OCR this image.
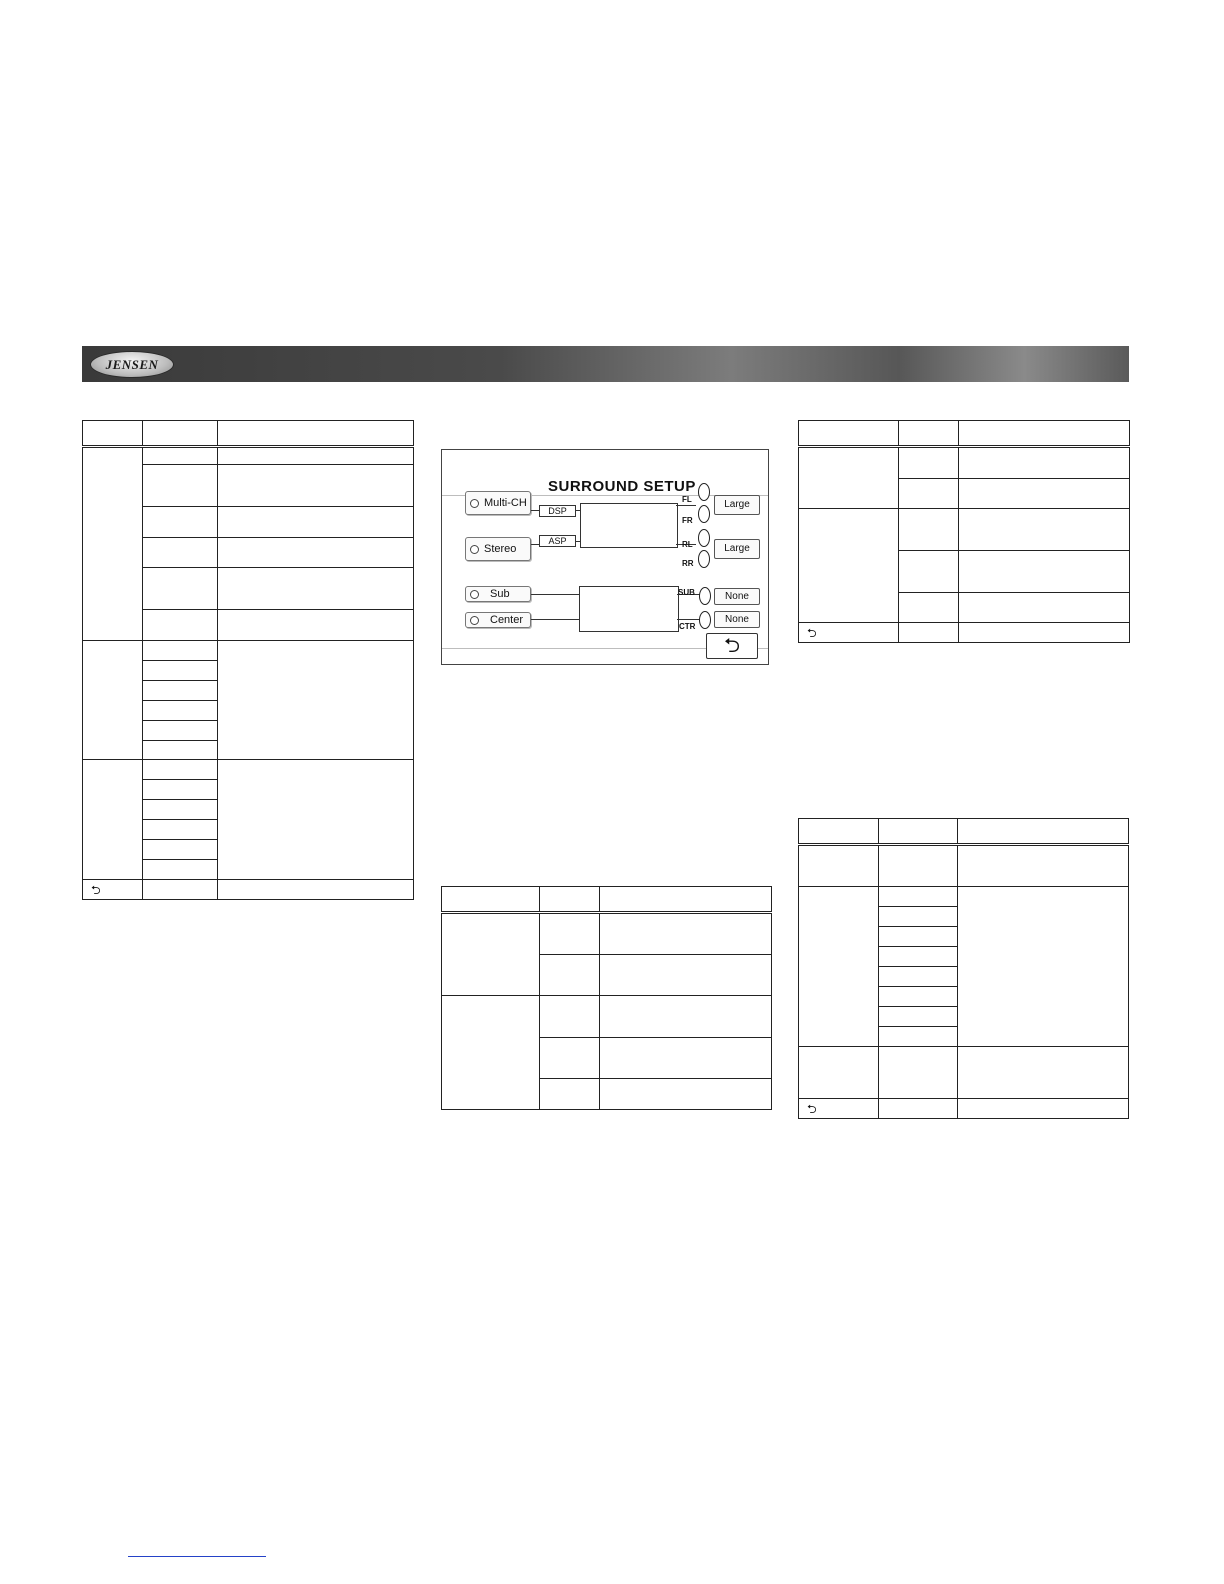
JENSEN

⮌		
SURROUND SETUP
Multi-CH
Stereo
Sub
Center
DSP
ASP
FL
FR
RL
RR
SUB
CTR
Large
Large
None
None
⮌

⮌		

⮌		
